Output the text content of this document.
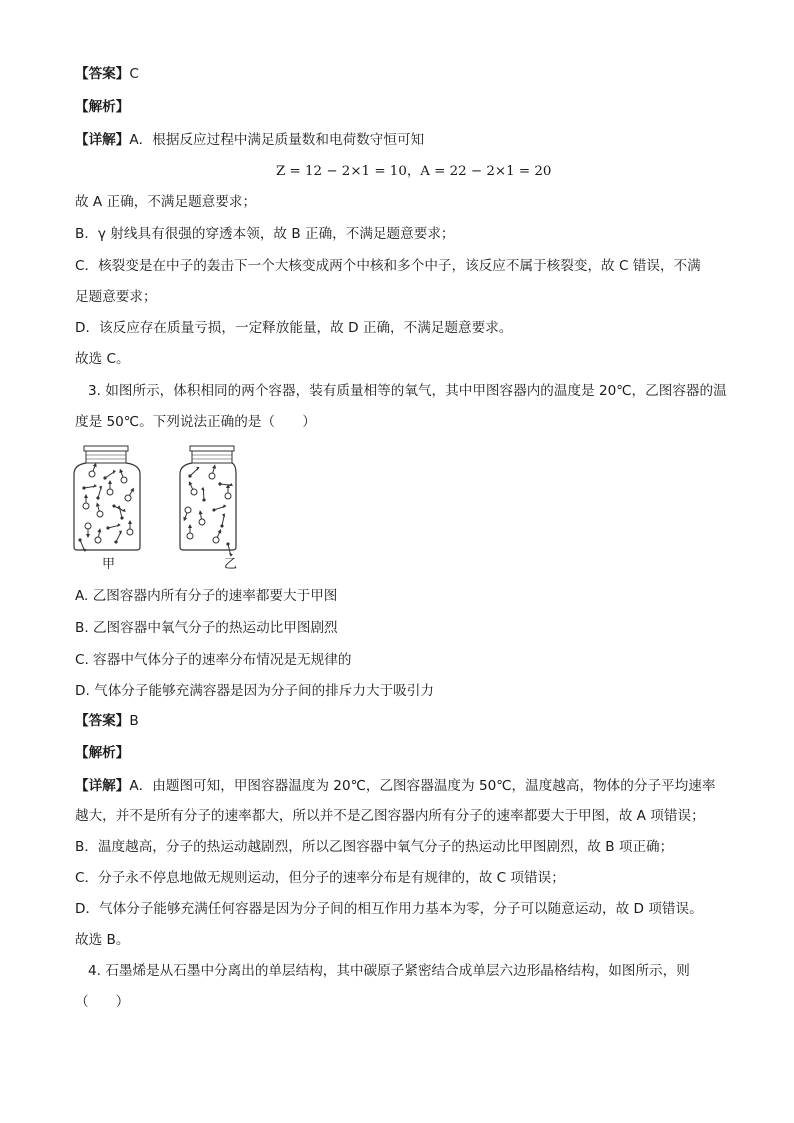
【答案】C
【解析】
【详解】A．根据反应过程中满足质量数和电荷数守恒可知
Z = 12 − 2×1 = 10，A = 22 − 2×1 = 20
故 A 正确，不满足题意要求；
B．γ 射线具有很强的穿透本领，故 B 正确，不满足题意要求；
C．核裂变是在中子的轰击下一个大核变成两个中核和多个中子，该反应不属于核裂变，故 C 错误，不满
足题意要求；
D．该反应存在质量亏损，一定释放能量，故 D 正确，不满足题意要求。
故选 C。
3. 如图所示，体积相同的两个容器，装有质量相等的氧气，其中甲图容器内的温度是 20℃，乙图容器的温
度是 50℃。下列说法正确的是（　　）
甲	乙
A. 乙图容器内所有分子的速率都要大于甲图
B. 乙图容器中氧气分子的热运动比甲图剧烈
C. 容器中气体分子的速率分布情况是无规律的
D. 气体分子能够充满容器是因为分子间的排斥力大于吸引力
【答案】B
【解析】
【详解】A．由题图可知，甲图容器温度为 20℃，乙图容器温度为 50℃，温度越高，物体的分子平均速率
越大，并不是所有分子的速率都大，所以并不是乙图容器内所有分子的速率都要大于甲图，故 A 项错误；
B．温度越高，分子的热运动越剧烈，所以乙图容器中氧气分子的热运动比甲图剧烈，故 B 项正确；
C．分子永不停息地做无规则运动，但分子的速率分布是有规律的，故 C 项错误；
D．气体分子能够充满任何容器是因为分子间的相互作用力基本为零，分子可以随意运动，故 D 项错误。
故选 B。
4. 石墨烯是从石墨中分离出的单层结构，其中碳原子紧密结合成单层六边形晶格结构，如图所示，则
（　　）
